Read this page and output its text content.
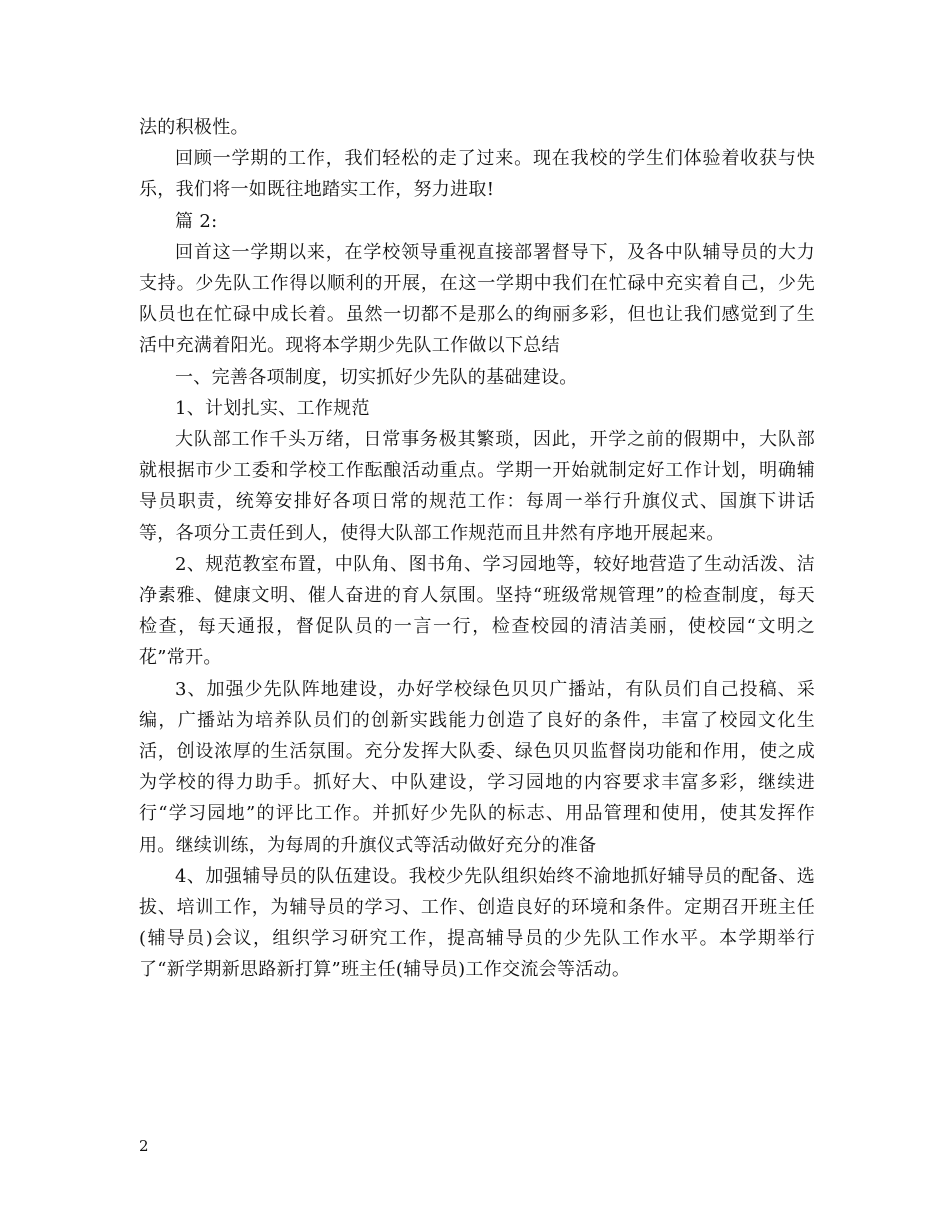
法的积极性。

回顾一学期的工作，我们轻松的走了过来。现在我校的学生们体验着收获与快乐，我们将一如既往地踏实工作，努力进取!

篇 2:

回首这一学期以来，在学校领导重视直接部署督导下，及各中队辅导员的大力支持。少先队工作得以顺利的开展，在这一学期中我们在忙碌中充实着自己，少先队员也在忙碌中成长着。虽然一切都不是那么的绚丽多彩，但也让我们感觉到了生活中充满着阳光。现将本学期少先队工作做以下总结

一、完善各项制度，切实抓好少先队的基础建设。

1、计划扎实、工作规范

大队部工作千头万绪，日常事务极其繁琐，因此，开学之前的假期中，大队部就根据市少工委和学校工作酝酿活动重点。学期一开始就制定好工作计划，明确辅导员职责，统筹安排好各项日常的规范工作：每周一举行升旗仪式、国旗下讲话等，各项分工责任到人，使得大队部工作规范而且井然有序地开展起来。

2、规范教室布置，中队角、图书角、学习园地等，较好地营造了生动活泼、洁净素雅、健康文明、催人奋进的育人氛围。坚持“班级常规管理”的检查制度，每天检查，每天通报，督促队员的一言一行，检查校园的清洁美丽，使校园“文明之花”常开。

3、加强少先队阵地建设，办好学校绿色贝贝广播站，有队员们自己投稿、采编，广播站为培养队员们的创新实践能力创造了良好的条件，丰富了校园文化生活，创设浓厚的生活氛围。充分发挥大队委、绿色贝贝监督岗功能和作用，使之成为学校的得力助手。抓好大、中队建设，学习园地的内容要求丰富多彩，继续进行“学习园地”的评比工作。并抓好少先队的标志、用品管理和使用，使其发挥作用。继续训练，为每周的升旗仪式等活动做好充分的准备

4、加强辅导员的队伍建设。我校少先队组织始终不渝地抓好辅导员的配备、选拔、培训工作，为辅导员的学习、工作、创造良好的环境和条件。定期召开班主任(辅导员)会议，组织学习研究工作，提高辅导员的少先队工作水平。本学期举行了“新学期新思路新打算”班主任(辅导员)工作交流会等活动。

2
